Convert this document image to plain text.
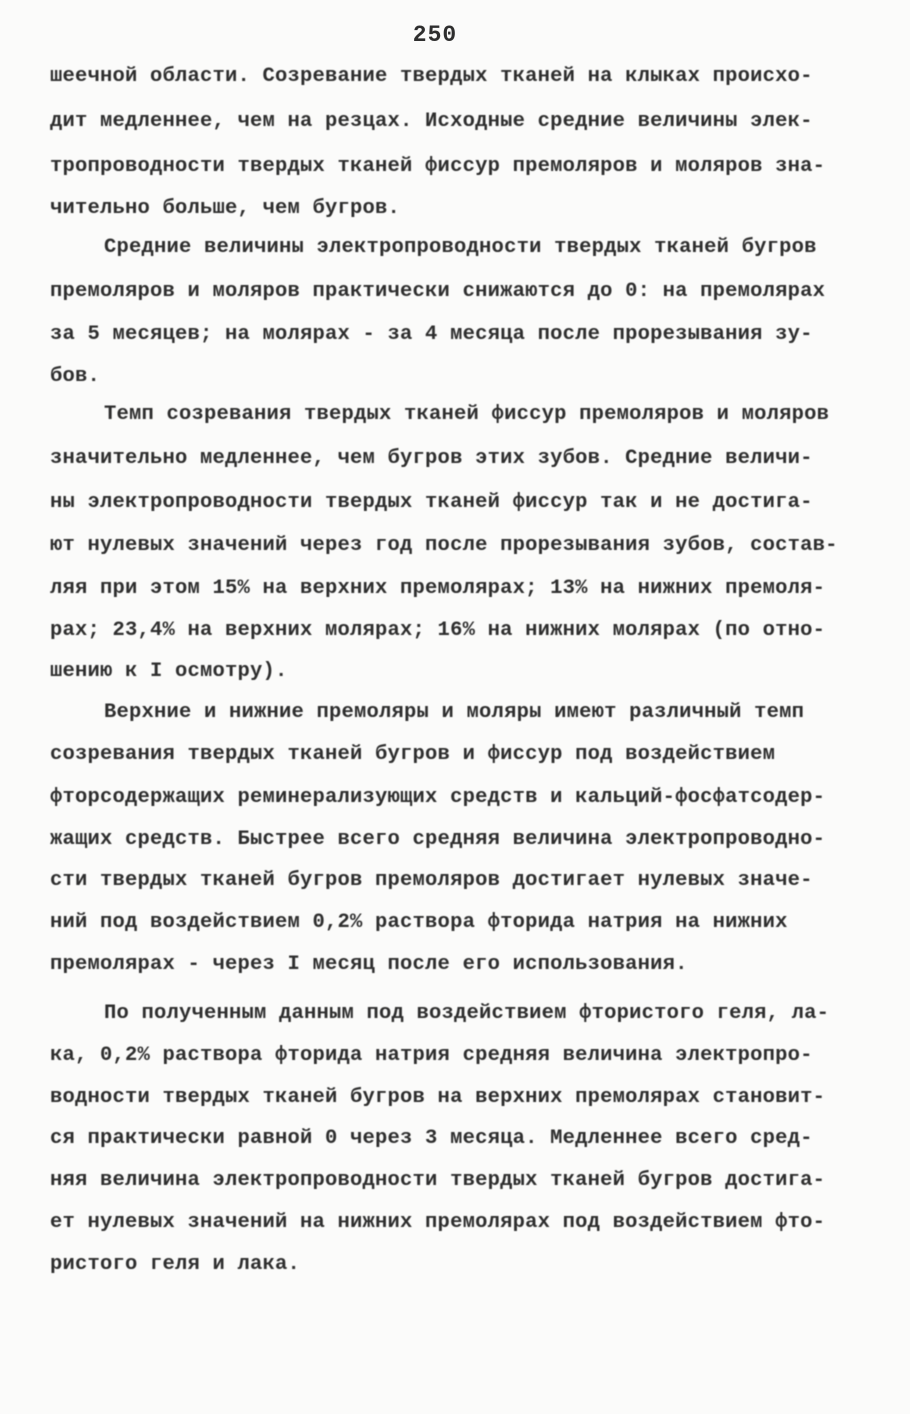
250
шеечной области. Созревание твердых тканей на клыках происхо-
дит медленнее, чем на резцах. Исходные средние величины элек-
тропроводности твердых тканей фиссур премоляров и моляров зна-
чительно больше, чем бугров.
Средние величины электропроводности твердых тканей бугров
премоляров и моляров практически снижаются до 0: на премолярах
за 5 месяцев; на молярах - за 4 месяца после прорезывания зу-
бов.
Темп созревания твердых тканей фиссур премоляров и моляров
значительно медленнее, чем бугров этих зубов. Средние величи-
ны электропроводности твердых тканей фиссур так и не достига-
ют нулевых значений через год после прорезывания зубов, состав-
ляя при этом 15% на верхних премолярах; 13% на нижних премоля-
рах; 23,4% на верхних молярах; 16% на нижних молярах (по отно-
шению к I осмотру).
Верхние и нижние премоляры и моляры имеют различный темп
созревания твердых тканей бугров и фиссур под воздействием
фторсодержащих реминерализующих средств и кальций-фосфатсодер-
жащих средств. Быстрее всего средняя величина электропроводно-
сти твердых тканей бугров премоляров достигает нулевых значе-
ний под воздействием 0,2% раствора фторида натрия на нижних
премолярах - через I месяц после его использования.
По полученным данным под воздействием фтористого геля, ла-
ка, 0,2% раствора фторида натрия средняя величина электропро-
водности твердых тканей бугров на верхних премолярах становит-
ся практически равной 0 через 3 месяца. Медленнее всего сред-
няя величина электропроводности твердых тканей бугров достига-
ет нулевых значений на нижних премолярах под воздействием фто-
ристого геля и лака.
